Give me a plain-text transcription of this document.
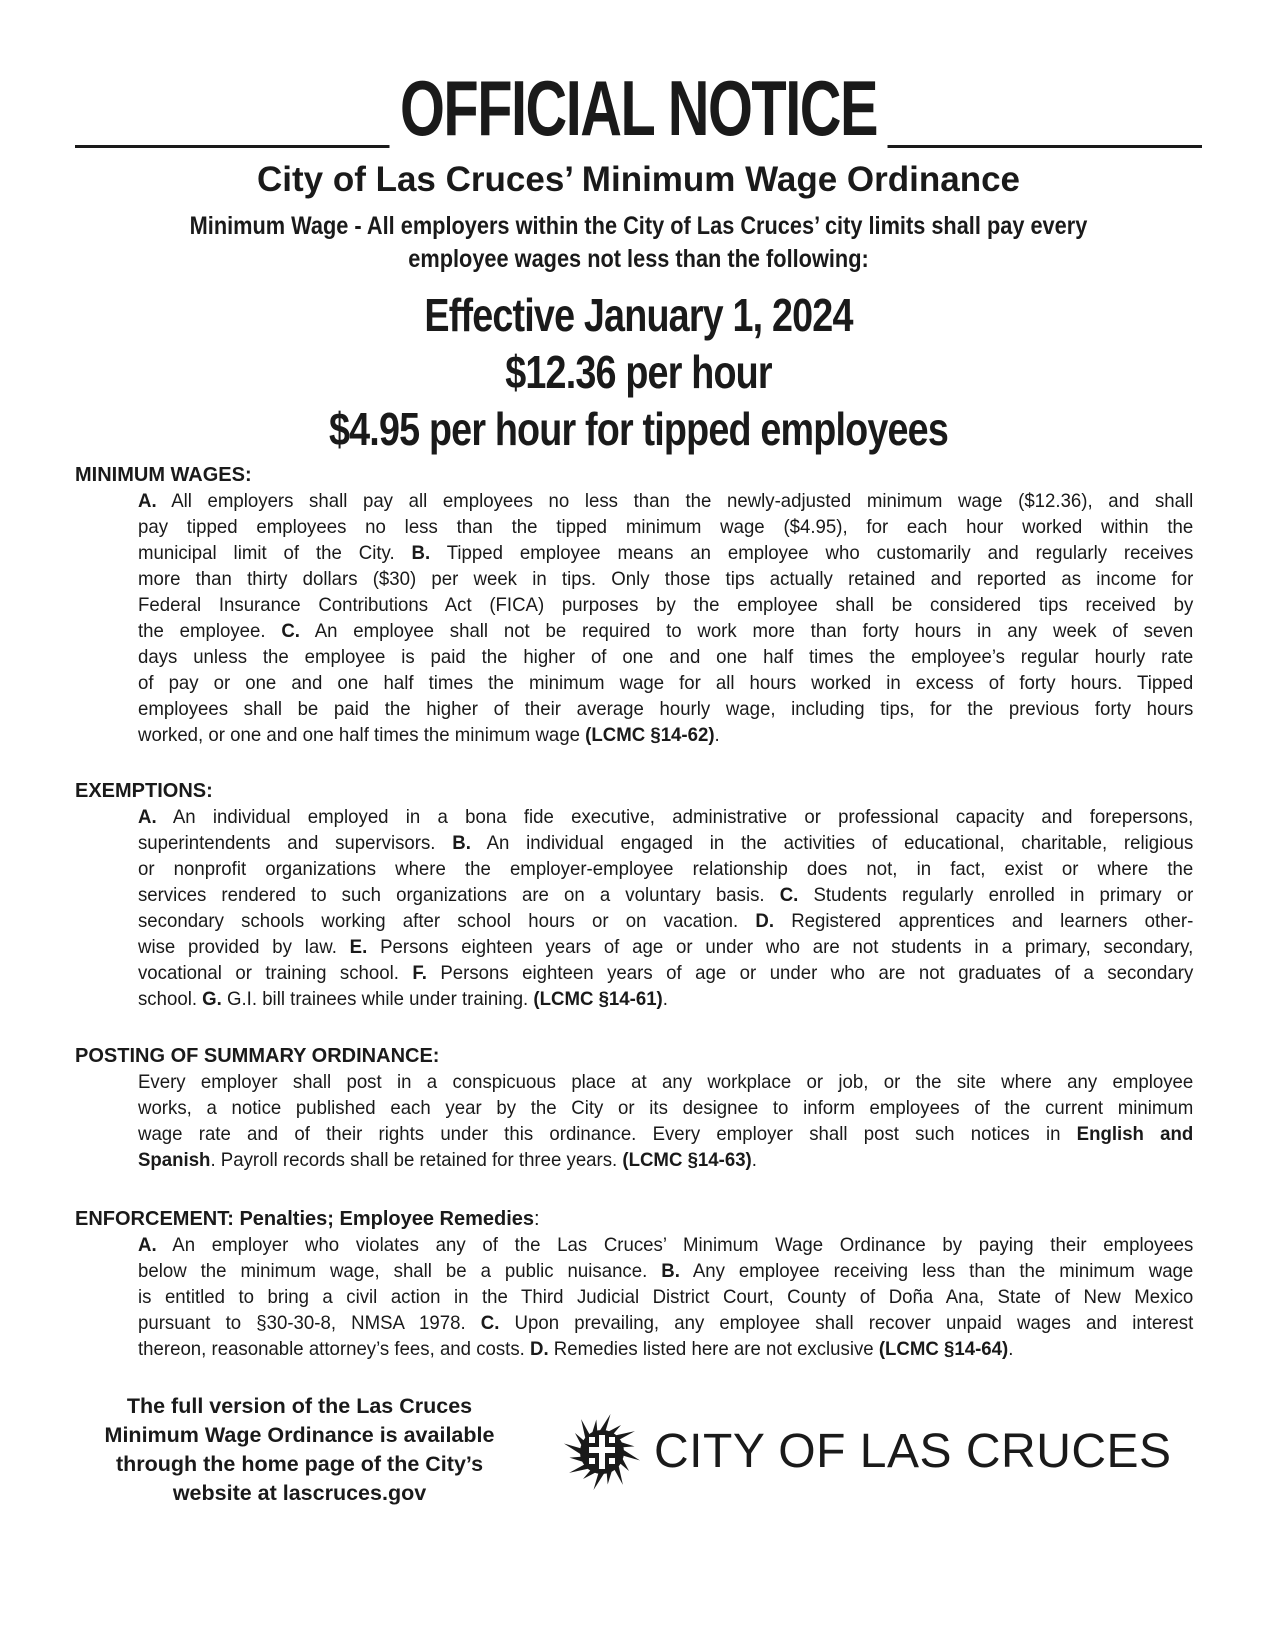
OFFICIAL NOTICE
City of Las Cruces’ Minimum Wage Ordinance
Minimum Wage - All employers within the City of Las Cruces’ city limits shall pay every
employee wages not less than the following:
Effective January 1, 2024
$12.36 per hour
$4.95 per hour for tipped employees
MINIMUM WAGES:
A. All employers shall pay all employees no less than the newly-adjusted minimum wage ($12.36), and shall
pay tipped employees no less than the tipped minimum wage ($4.95), for each hour worked within the
municipal limit of the City. B. Tipped employee means an employee who customarily and regularly receives
more than thirty dollars ($30) per week in tips. Only those tips actually retained and reported as income for
Federal Insurance Contributions Act (FICA) purposes by the employee shall be considered tips received by
the employee. C. An employee shall not be required to work more than forty hours in any week of seven
days unless the employee is paid the higher of one and one half times the employee’s regular hourly rate
of pay or one and one half times the minimum wage for all hours worked in excess of forty hours. Tipped
employees shall be paid the higher of their average hourly wage, including tips, for the previous forty hours
worked, or one and one half times the minimum wage (LCMC §14-62).
EXEMPTIONS:
A. An individual employed in a bona fide executive, administrative or professional capacity and forepersons,
superintendents and supervisors. B. An individual engaged in the activities of educational, charitable, religious
or nonprofit organizations where the employer-employee relationship does not, in fact, exist or where the
services rendered to such organizations are on a voluntary basis. C. Students regularly enrolled in primary or
secondary schools working after school hours or on vacation. D. Registered apprentices and learners other-
wise provided by law. E. Persons eighteen years of age or under who are not students in a primary, secondary,
vocational or training school. F. Persons eighteen years of age or under who are not graduates of a secondary
school. G. G.I. bill trainees while under training. (LCMC §14-61).
POSTING OF SUMMARY ORDINANCE:
Every employer shall post in a conspicuous place at any workplace or job, or the site where any employee
works, a notice published each year by the City or its designee to inform employees of the current minimum
wage rate and of their rights under this ordinance. Every employer shall post such notices in English and
Spanish. Payroll records shall be retained for three years. (LCMC §14-63).
ENFORCEMENT: Penalties; Employee Remedies:
A. An employer who violates any of the Las Cruces’ Minimum Wage Ordinance by paying their employees
below the minimum wage, shall be a public nuisance. B. Any employee receiving less than the minimum wage
is entitled to bring a civil action in the Third Judicial District Court, County of Doña Ana, State of New Mexico
pursuant to §30-30-8, NMSA 1978. C. Upon prevailing, any employee shall recover unpaid wages and interest
thereon, reasonable attorney’s fees, and costs. D. Remedies listed here are not exclusive (LCMC §14-64).
The full version of the Las Cruces
Minimum Wage Ordinance is available
through the home page of the City’s
website at lascruces.gov
CITY OF LAS CRUCES
